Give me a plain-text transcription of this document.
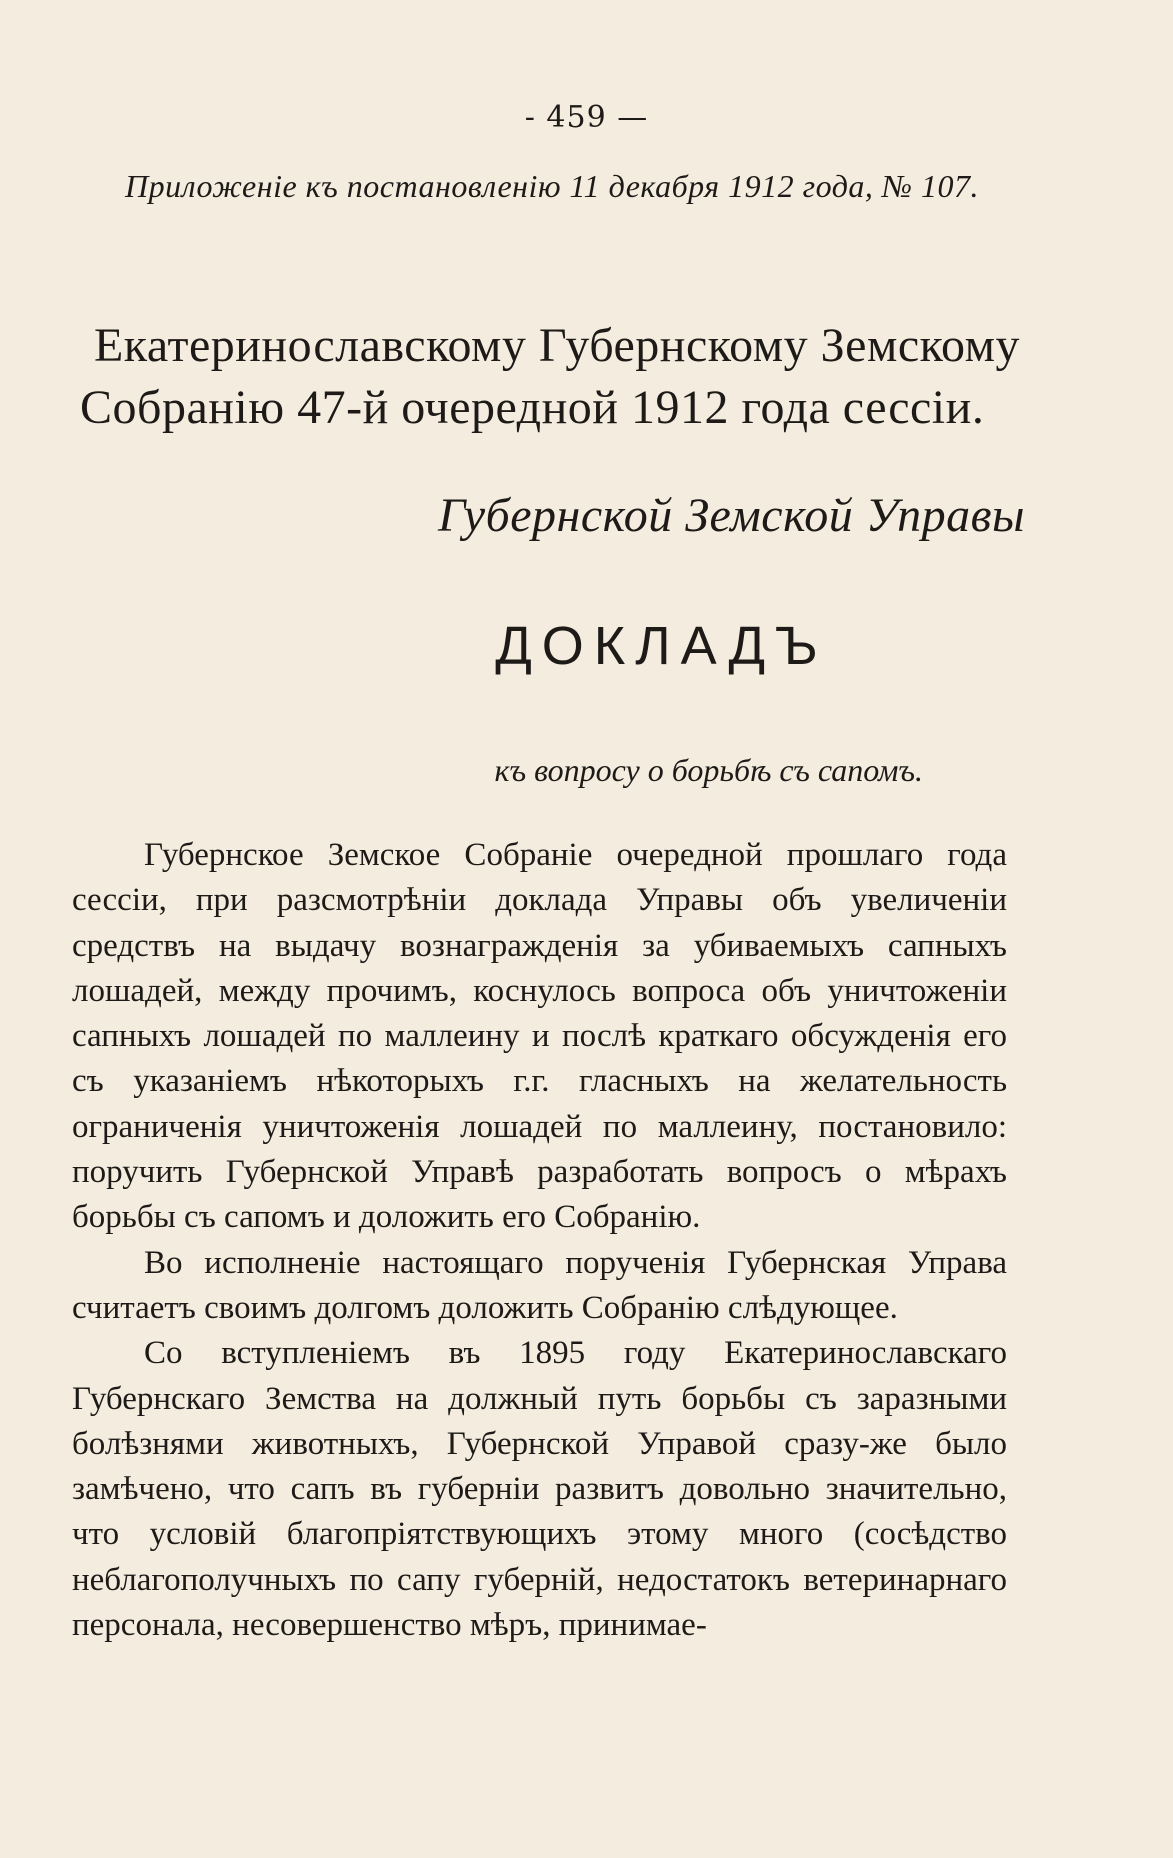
- 459 —
Приложеніе къ постановленію 11 декабря 1912 года, № 107.
Екатеринославскому Губернскому Земскому
Собранію 47-й очередной 1912 года сессіи.
Губернской Земской Управы
ДОКЛАДЪ
къ вопросу о борьбѣ съ сапомъ.

Губернское Земское Собраніе очередной прошлаго года сессіи, при разсмотрѣніи доклада Управы объ увеличеніи средствъ на выдачу вознагражденія за убиваемыхъ сапныхъ лошадей, между прочимъ, коснулось вопроса объ уничтоженіи сапныхъ лошадей по маллеину и послѣ краткаго обсужденія его съ указаніемъ нѣкоторыхъ г.г. гласныхъ на желательность ограниченія уничтоженія лошадей по маллеину, постановило: поручить Губернской Управѣ разработать вопросъ о мѣрахъ борьбы съ сапомъ и доложить его Собранію.

Во исполненіе настоящаго порученія Губернская Управа считаетъ своимъ долгомъ доложить Собранію слѣдующее.

Со вступленіемъ въ 1895 году Екатеринославскаго Губернскаго Земства на должный путь борьбы съ заразными болѣзнями животныхъ, Губернской Управой сразу-же было замѣчено, что сапъ въ губерніи развитъ довольно значительно, что условій благопріятствующихъ этому много (сосѣдство неблагополучныхъ по сапу губерній, недостатокъ ветеринарнаго персонала, несовершенство мѣръ, принимае-
